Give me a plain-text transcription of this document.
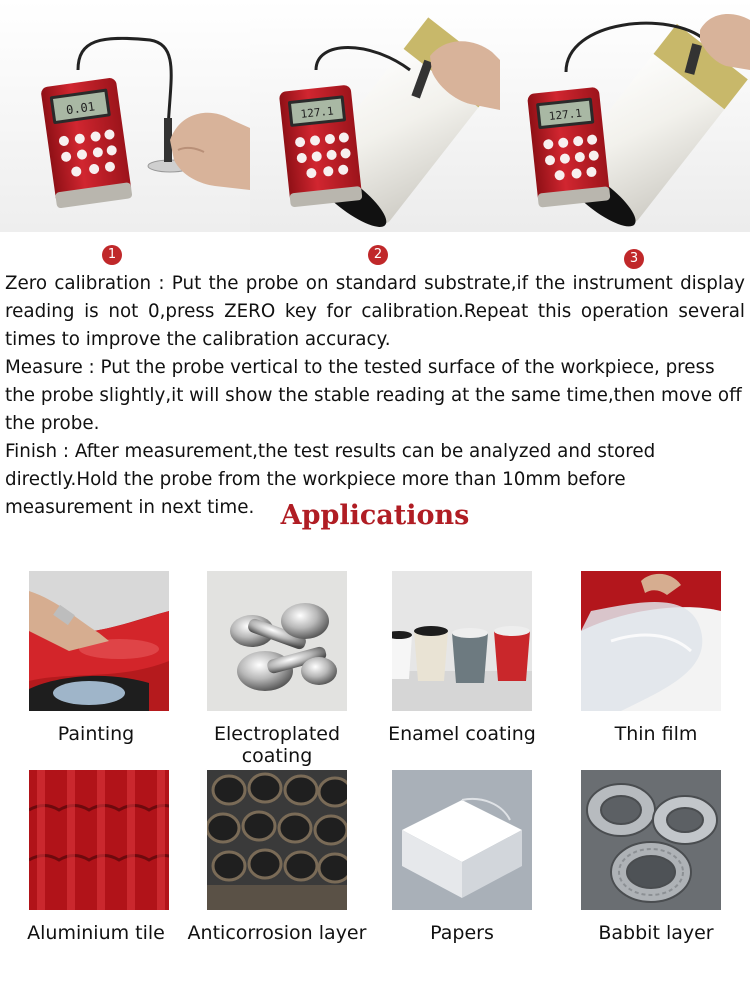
0.01	127.1	127.1
1	2	3

Zero calibration : Put the probe on standard substrate,if the instrument display reading is not 0,press ZERO key for calibration.Repeat this operation several times to improve the calibration accuracy.

Measure : Put the probe vertical to the tested surface of the workpiece, press the probe slightly,it will show the stable reading at the same time,then move off
the probe.

Finish : After measurement,the test results can be analyzed and stored directly.Hold the probe from the workpiece more than 10mm before measurement in next time. Applications
Painting	Electroplated coating
Enamel coating	Thin film
Aluminium tile	Anticorrosion layer	Papers	Babbit layer
